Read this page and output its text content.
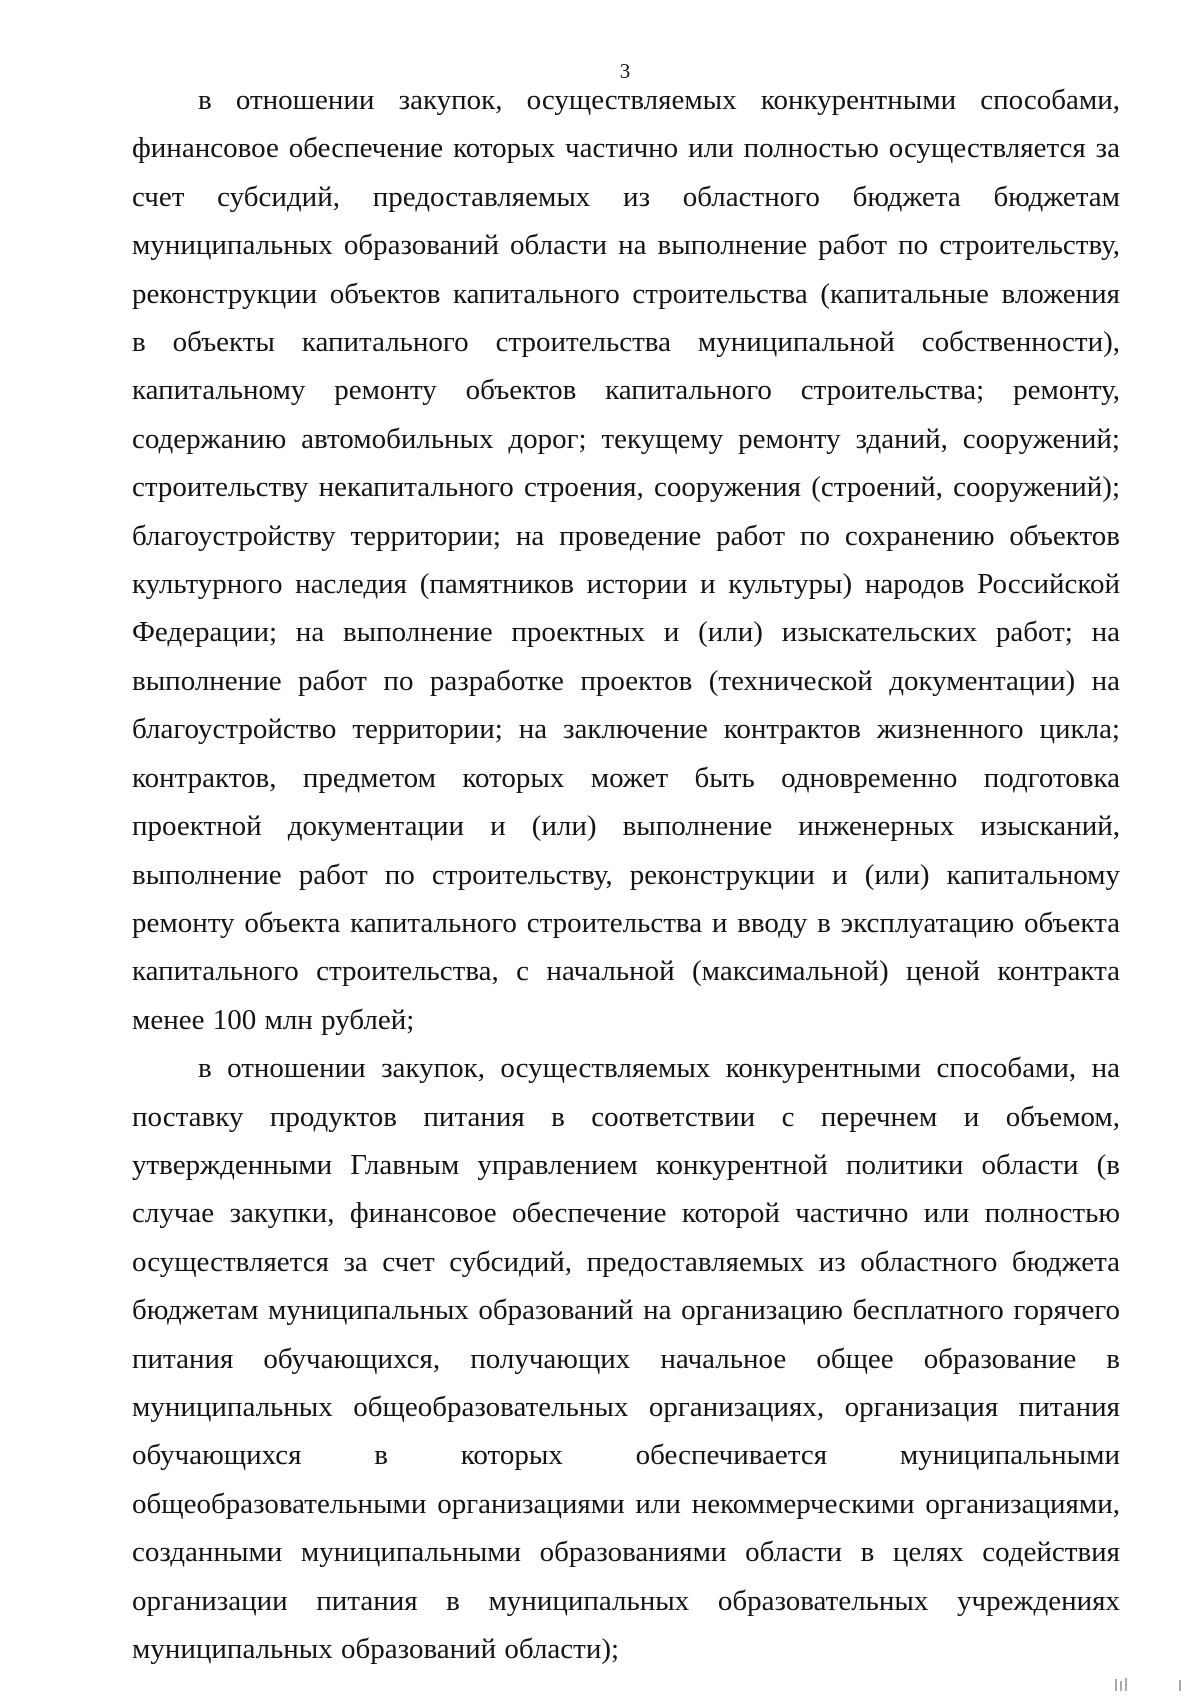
3

в отношении закупок, осуществляемых конкурентными способами, финансовое обеспечение которых частично или полностью осуществляется за счет субсидий, предоставляемых из областного бюджета бюджетам муниципальных образований области на выполнение работ по строительству, реконструкции объектов капитального строительства (капитальные вложения в объекты капитального строительства муниципальной собственности), капитальному ремонту объектов капитального строительства; ремонту, содержанию автомобильных дорог; текущему ремонту зданий, сооружений; строительству некапитального строения, сооружения (строений, сооружений); благоустройству территории; на проведение работ по сохранению объектов культурного наследия (памятников истории и культуры) народов Российской Федерации; на выполнение проектных и (или) изыскательских работ; на выполнение работ по разработке проектов (технической документации) на благоустройство территории; на заключение контрактов жизненного цикла; контрактов, предметом которых может быть одновременно подготовка проектной документации и (или) выполнение инженерных изысканий, выполнение работ по строительству, реконструкции и (или) капитальному ремонту объекта капитального строительства и вводу в эксплуатацию объекта капитального строительства, с начальной (максимальной) ценой контракта менее 100 млн рублей;

в отношении закупок, осуществляемых конкурентными способами, на поставку продуктов питания в соответствии с перечнем и объемом, утвержденными Главным управлением конкурентной политики области (в случае закупки, финансовое обеспечение которой частично или полностью осуществляется за счет субсидий, предоставляемых из областного бюджета бюджетам муниципальных образований на организацию бесплатного горячего питания обучающихся, получающих начальное общее образование в муниципальных общеобразовательных организациях, организация питания обучающихся в которых обеспечивается муниципальными общеобразовательными организациями или некоммерческими организациями, созданными муниципальными образованиями области в целях содействия организации питания в муниципальных образовательных учреждениях муниципальных образований области);
